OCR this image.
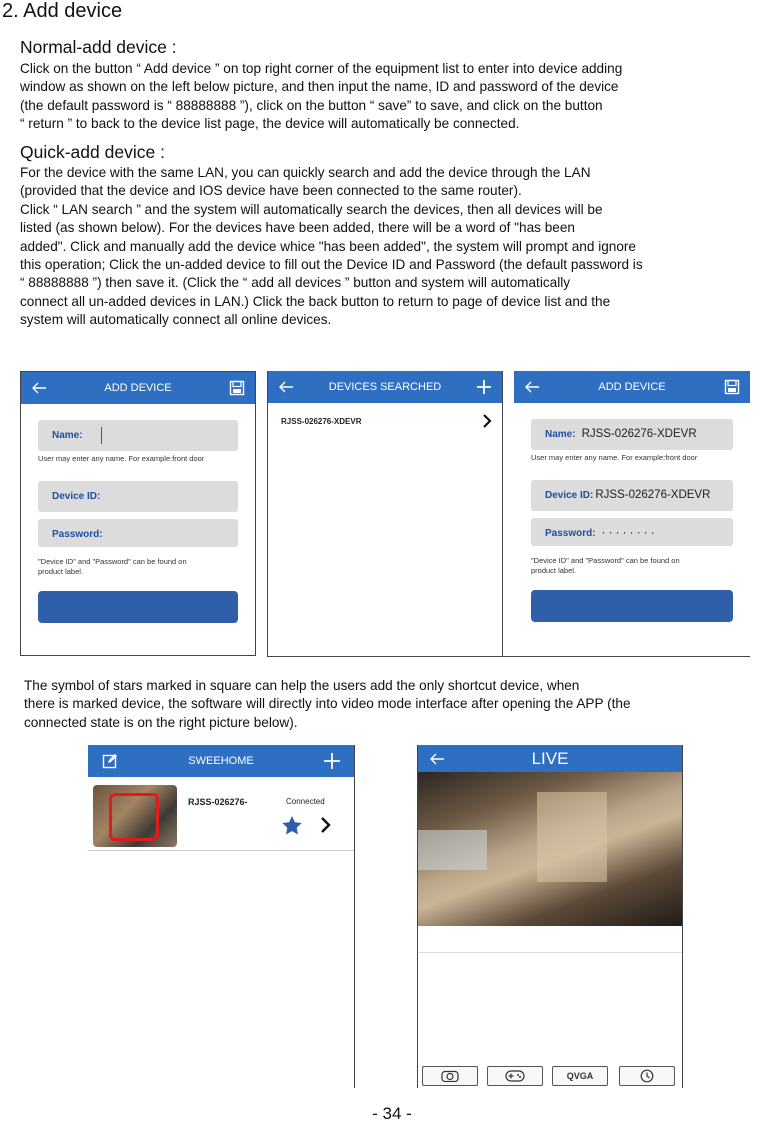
2. Add device
Normal-add device :

Click on the button “ Add device ” on top right corner of the equipment list to enter into device adding

window as shown on the left below picture, and then input the name, ID and password of the device

(the default password is “ 88888888 ”), click on the button “ save” to save, and click on the button

“ return ” to back to the device list page, the device will automatically be connected.

Quick-add device :

For the device with the same LAN, you can quickly search and add the device through the LAN

(provided that the device and IOS device have been connected to the same router).

Click “ LAN search ” and the system will automatically search the devices, then all devices will be

listed (as shown below). For the devices have been added, there will be a word of "has been

added". Click and manually add the device whice "has been added", the system will prompt and ignore

this operation; Click the un-added device to fill out the Device ID and Password (the default password is

“ 88888888 ”) then save it. (Click the “ add all devices ” button and system will automatically

connect all un-added devices in LAN.) Click the back button to return to page of device list and the

system will automatically connect all online devices.

ADD DEVICE
Name:
User may enter any name. For example:front door
Device ID:
Password:
"Device ID" and "Password" can be found on
product label.
DEVICES SEARCHED
RJSS-026276-XDEVR
ADD DEVICE
Name: RJSS-026276-XDEVR
User may enter any name. For example:front door
Device ID: RJSS-026276-XDEVR
Password: · · · · · · · ·
"Device ID" and "Password" can be found on
product label.

The symbol of stars marked in square can help the users add the only shortcut device, when

there is marked device, the software will directly into video mode interface after opening the APP (the

connected state is on the right picture below).

SWEEHOME
RJSS-026276-	Connected
LIVE
QVGA
- 34 -
